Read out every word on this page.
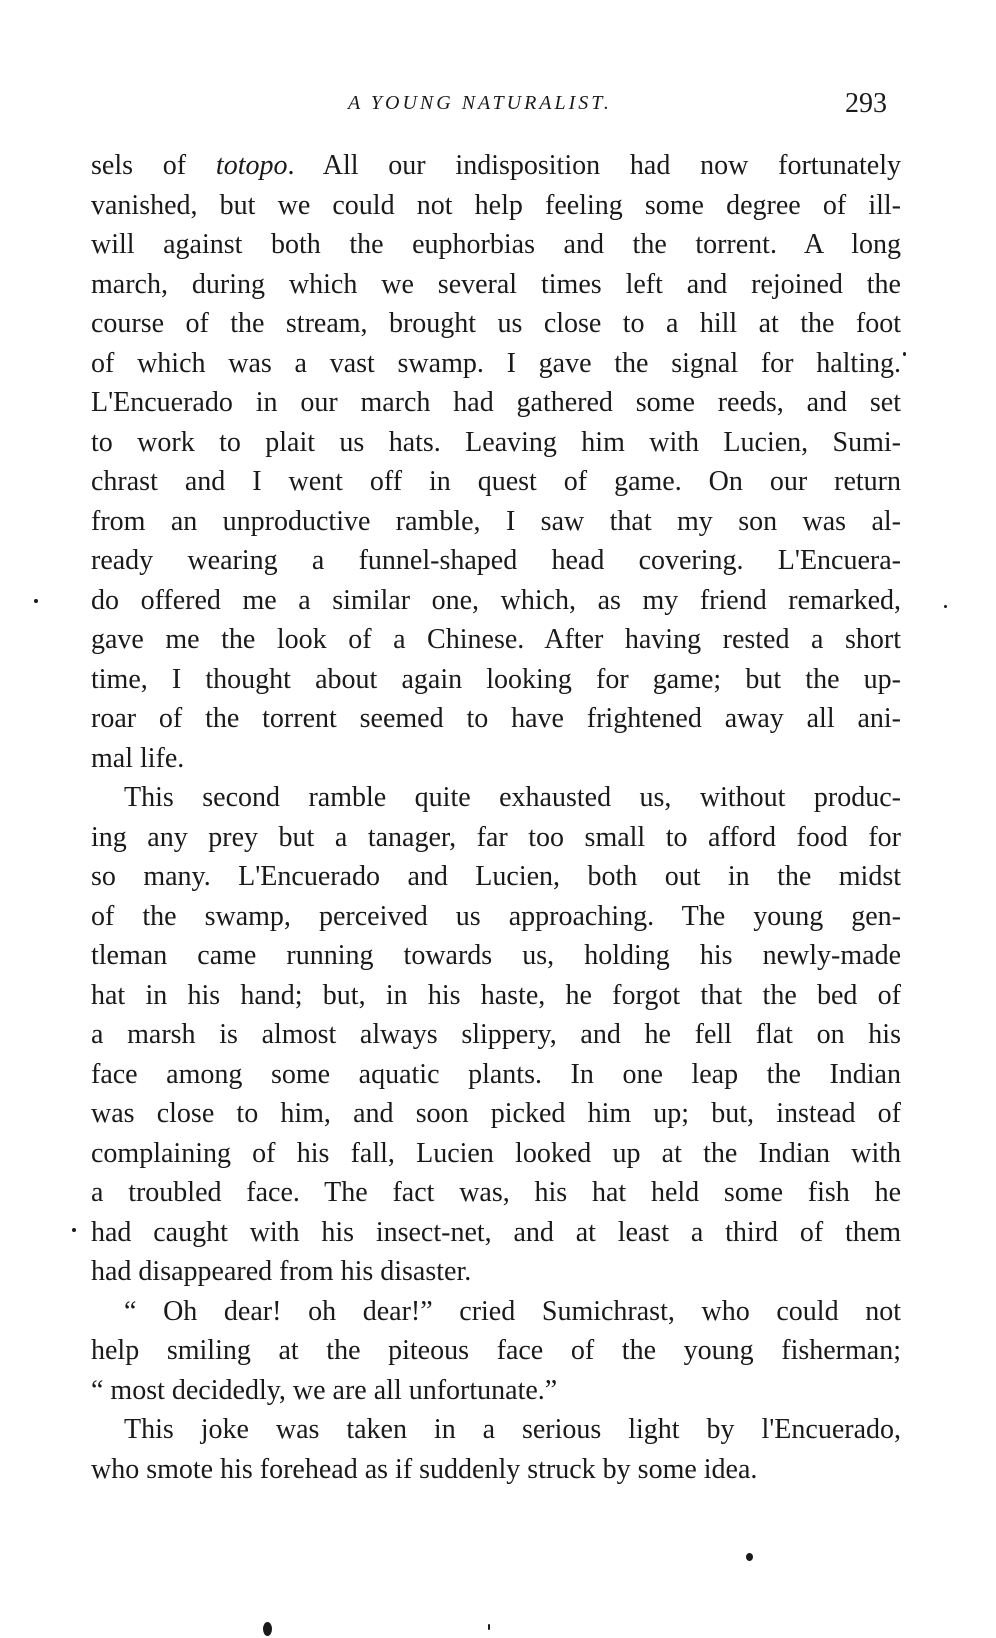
A YOUNG NATURALIST.	293
sels of totopo. All our indisposition had now fortunately
vanished, but we could not help feeling some degree of ill-
will against both the euphorbias and the torrent. A long
march, during which we several times left and rejoined the
course of the stream, brought us close to a hill at the foot
of which was a vast swamp. I gave the signal for halting.
L'Encuerado in our march had gathered some reeds, and set
to work to plait us hats. Leaving him with Lucien, Sumi-
chrast and I went off in quest of game. On our return
from an unproductive ramble, I saw that my son was al-
ready wearing a funnel-shaped head covering. L'Encuera-
do offered me a similar one, which, as my friend remarked,
gave me the look of a Chinese. After having rested a short
time, I thought about again looking for game; but the up-
roar of the torrent seemed to have frightened away all ani-
mal life.
This second ramble quite exhausted us, without produc-
ing any prey but a tanager, far too small to afford food for
so many. L'Encuerado and Lucien, both out in the midst
of the swamp, perceived us approaching. The young gen-
tleman came running towards us, holding his newly-made
hat in his hand; but, in his haste, he forgot that the bed of
a marsh is almost always slippery, and he fell flat on his
face among some aquatic plants. In one leap the Indian
was close to him, and soon picked him up; but, instead of
complaining of his fall, Lucien looked up at the Indian with
a troubled face. The fact was, his hat held some fish he
had caught with his insect-net, and at least a third of them
had disappeared from his disaster.
“ Oh dear! oh dear!” cried Sumichrast, who could not
help smiling at the piteous face of the young fisherman;
“ most decidedly, we are all unfortunate.”
This joke was taken in a serious light by l'Encuerado,
who smote his forehead as if suddenly struck by some idea.
